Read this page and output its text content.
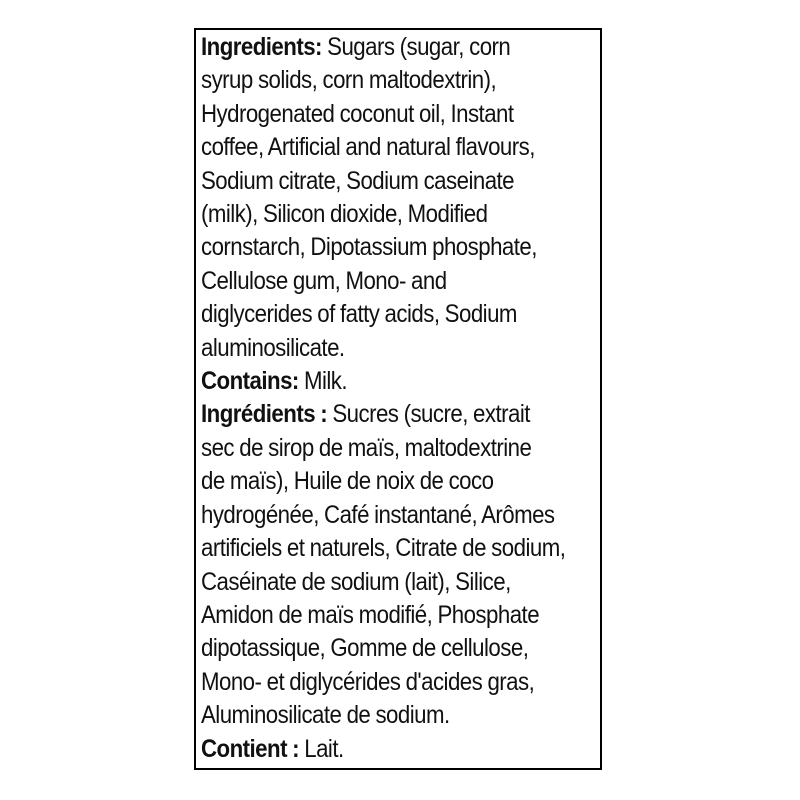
Ingredients: Sugars (sugar, corn
syrup solids, corn maltodextrin),
Hydrogenated coconut oil, Instant
coffee, Artificial and natural flavours,
Sodium citrate, Sodium caseinate
(milk), Silicon dioxide, Modified
cornstarch, Dipotassium phosphate,
Cellulose gum, Mono- and
diglycerides of fatty acids, Sodium
aluminosilicate.
Contains: Milk.
Ingrédients : Sucres (sucre, extrait
sec de sirop de maïs, maltodextrine
de maïs), Huile de noix de coco
hydrogénée, Café instantané, Arômes
artificiels et naturels, Citrate de sodium,
Caséinate de sodium (lait), Silice,
Amidon de maïs modifié, Phosphate
dipotassique, Gomme de cellulose,
Mono- et diglycérides d'acides gras,
Aluminosilicate de sodium.
Contient : Lait.
